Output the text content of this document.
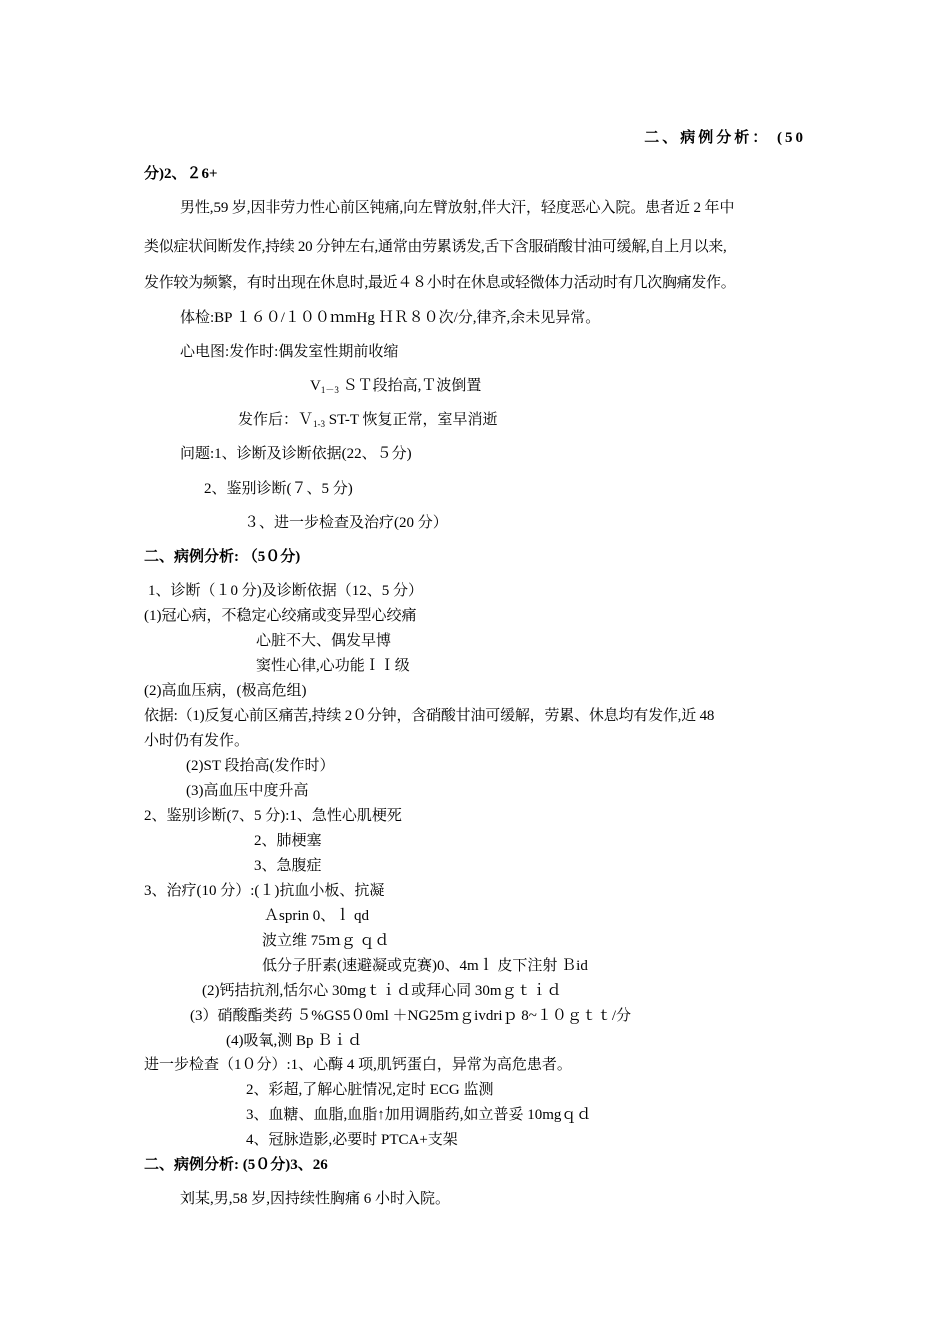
二、病例分析： (50
分)2、２6+
男性,59 岁,因非劳力性心前区钝痛,向左臂放射,伴大汗，轻度恶心入院。患者近 2 年中
类似症状间断发作,持续 20 分钟左右,通常由劳累诱发,舌下含服硝酸甘油可缓解,自上月以来,
发作较为频繁，有时出现在休息时,最近４８小时在休息或轻微体力活动时有几次胸痛发作。
体检:BP １６０/１００ｍmHg ＨＲ８０次/分,律齐,余未见异常。
心电图:发作时:偶发室性期前收缩
$V_{1-3}$ ＳＴ段抬高,Ｔ波倒置
发作后：Ｖ$_{1-3}$ ST-T 恢复正常，室早消逝
问题:1、诊断及诊断依据(22、５分)
2、鉴别诊断(７、5 分)
３、进一步检查及治疗(20 分）
二、病例分析: （5０分)
1、诊断（１0 分)及诊断依据（12、5 分）
(1)冠心病，不稳定心绞痛或变异型心绞痛
心脏不大、偶发早博
窦性心律,心功能ＩＩ级
(2)高血压病，(极高危组)
依据:（1)反复心前区痛苦,持续 2０分钟，含硝酸甘油可缓解，劳累、休息均有发作,近 48
小时仍有发作。
(2)ST 段抬高(发作时）
(3)高血压中度升高
2、鉴别诊断(7、5 分):1、急性心肌梗死
2、肺梗塞
3、急腹症
3、治疗(10 分）:(１)抗血小板、抗凝
Ａsprin 0、ｌ qd
波立维 75ｍｇ ｑｄ
低分子肝素(速避凝或克赛)0、4mｌ 皮下注射 Ｂid
(2)钙拮抗剂,恬尔心 30mgｔｉｄ或拜心同 30mｇｔｉｄ
(3）硝酸酯类药 ５%GS5０0ml ＋NG25ｍｇivdriｐ 8~１０ｇｔｔ/分
(4)吸氧,测 Bp Ｂｉｄ
进一步检查（1０分）:1、心酶 4 项,肌钙蛋白，异常为高危患者。
2、彩超,了解心脏情况,定时 ECG 监测
3、血糖、血脂,血脂↑加用调脂药,如立普妥 10mgｑｄ
4、冠脉造影,必要时 PTCA+支架
二、病例分析: (5０分)3、26
刘某,男,58 岁,因持续性胸痛 6 小时入院。
